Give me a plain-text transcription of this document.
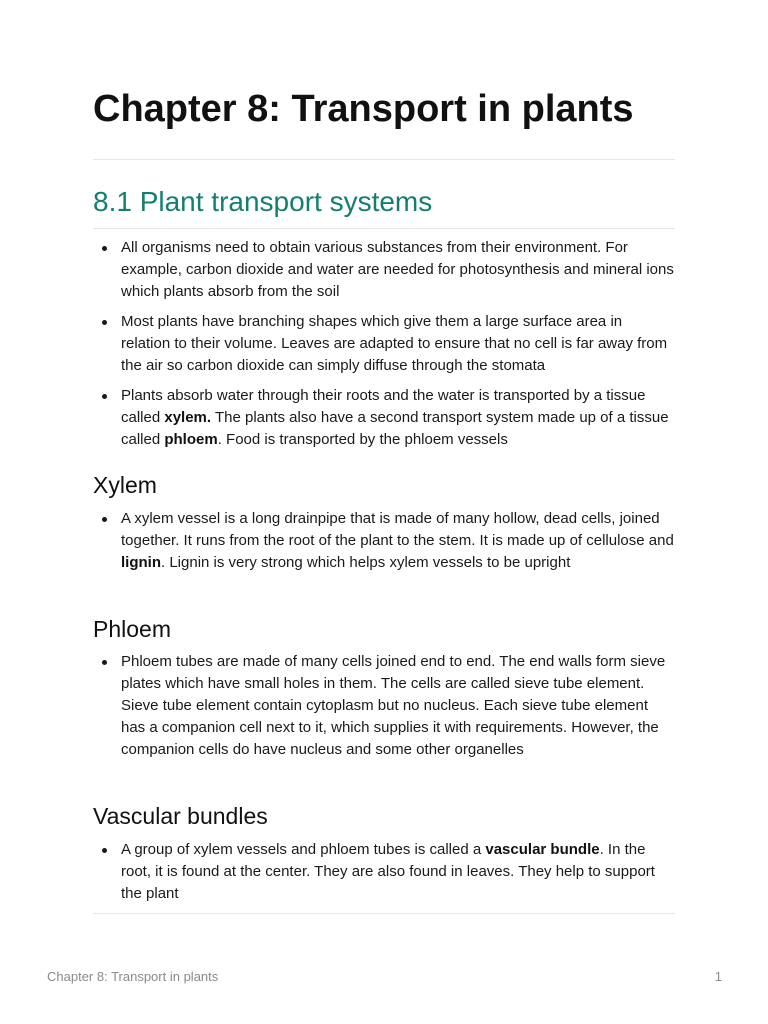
Chapter 8: Transport in plants
8.1 Plant transport systems
All organisms need to obtain various substances from their environment. For example, carbon dioxide and water are needed for photosynthesis and mineral ions which plants absorb from the soil
Most plants have branching shapes which give them a large surface area in relation to their volume. Leaves are adapted to ensure that no cell is far away from the air so carbon dioxide can simply diffuse through the stomata
Plants absorb water through their roots and the water is transported by a tissue called xylem. The plants also have a second transport system made up of a tissue called phloem. Food is transported by the phloem vessels
Xylem
A xylem vessel is a long drainpipe that is made of many hollow, dead cells, joined together. It runs from the root of the plant to the stem. It is made up of cellulose and lignin. Lignin is very strong which helps xylem vessels to be upright
Phloem
Phloem tubes are made of many cells joined end to end. The end walls form sieve plates which have small holes in them. The cells are called sieve tube element. Sieve tube element contain cytoplasm but no nucleus. Each sieve tube element has a companion cell next to it, which supplies it with requirements. However, the companion cells do have nucleus and some other organelles
Vascular bundles
A group of xylem vessels and phloem tubes is called a vascular bundle. In the root, it is found at the center. They are also found in leaves. They help to support the plant
Chapter 8: Transport in plants	1
